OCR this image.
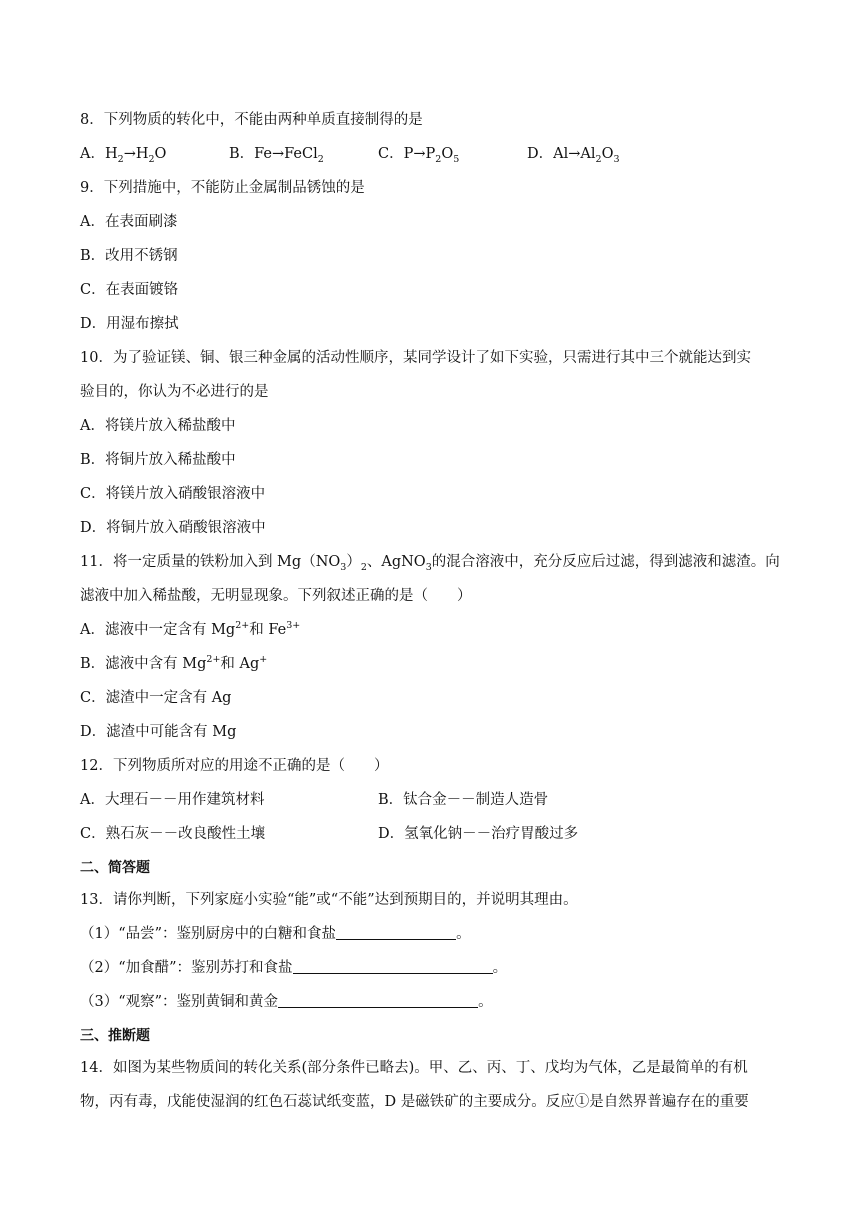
8．下列物质的转化中，不能由两种单质直接制得的是
A．$H_2\to H_2O$	B．Fe→FeCl$_2$	C．$P\to P_2O_5$	D．$Al\to Al_2O_3$
9．下列措施中，不能防止金属制品锈蚀的是
A．在表面刷漆
B．改用不锈钢
C．在表面镀铬
D．用湿布擦拭
10．为了验证镁、铜、银三种金属的活动性顺序，某同学设计了如下实验，只需进行其中三个就能达到实
验目的，你认为不必进行的是
A．将镁片放入稀盐酸中
B．将铜片放入稀盐酸中
C．将镁片放入硝酸银溶液中
D．将铜片放入硝酸银溶液中
11．将一定质量的铁粉加入到 $Mg(NO_3)_2$、AgNO$_3$的混合溶液中，充分反应后过滤，得到滤液和滤渣。向
滤液中加入稀盐酸，无明显现象。下列叙述正确的是（　　）
A．滤液中一定含有 $Mg^{2+}$和 $Fe^{3+}$
B．滤液中含有 $Mg^{2+}$和 Ag+
C．滤渣中一定含有 Ag
D．滤渣中可能含有 Mg
12．下列物质所对应的用途不正确的是（　　）
A．大理石－－用作建筑材料	B．钛合金－－制造人造骨
C．熟石灰－－改良酸性土壤	D．氢氧化钠－－治疗胃酸过多
二、简答题
13．请你判断，下列家庭小实验“能”或“不能”达到预期目的，并说明其理由。
（1）“品尝”：鉴别厨房中的白糖和食盐	。
（2）“加食醋”：鉴别苏打和食盐	。
（3）“观察”：鉴别黄铜和黄金	。
三、推断题
14．如图为某些物质间的转化关系(部分条件已略去)。甲、乙、丙、丁、戊均为气体，乙是最简单的有机
物，丙有毒，戊能使湿润的红色石蕊试纸变蓝，D 是磁铁矿的主要成分。反应①是自然界普遍存在的重要
